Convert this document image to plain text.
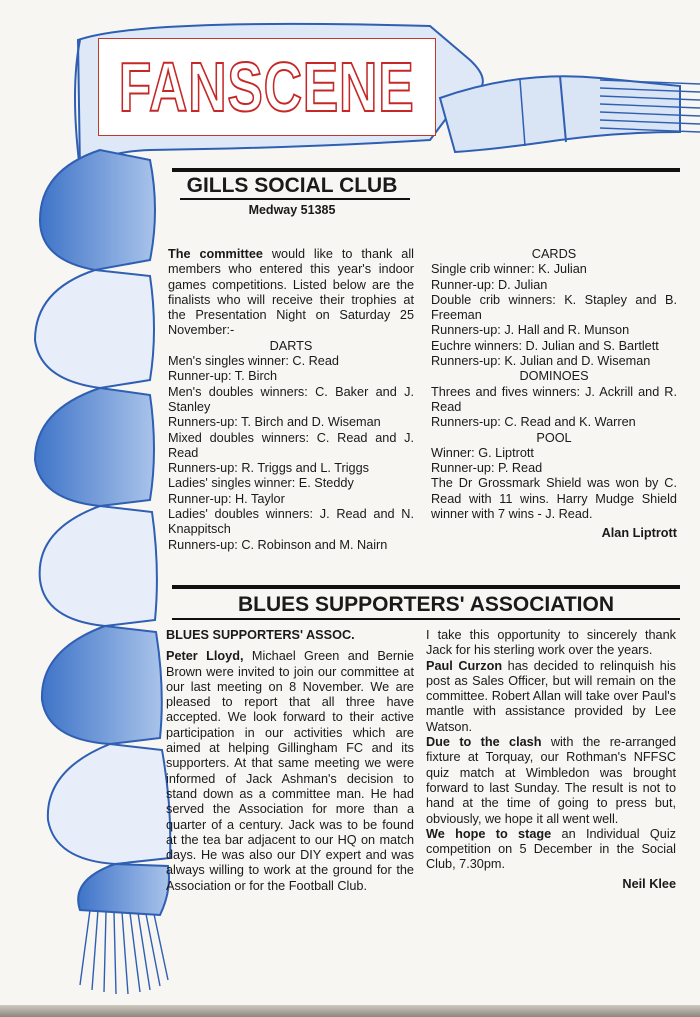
FANSCENE
GILLS SOCIAL CLUB
Medway 51385

The committee would like to thank all members who entered this year's indoor games competitions. Listed below are the finalists who will receive their trophies at the Presentation Night on Saturday 25 November:-

DARTS

Men's singles winner: C. Read

Runner-up: T. Birch

Men's doubles winners: C. Baker and J. Stanley

Runners-up: T. Birch and D. Wiseman

Mixed doubles winners: C. Read and J. Read

Runners-up: R. Triggs and L. Triggs

Ladies' singles winner: E. Steddy

Runner-up: H. Taylor

Ladies' doubles winners: J. Read and N. Knappitsch

Runners-up: C. Robinson and M. Nairn

CARDS

Single crib winner: K. Julian

Runner-up: D. Julian

Double crib winners: K. Stapley and B. Freeman

Runners-up: J. Hall and R. Munson

Euchre winners: D. Julian and S. Bartlett

Runners-up: K. Julian and D. Wiseman

DOMINOES

Threes and fives winners: J. Ackrill and R. Read

Runners-up: C. Read and K. Warren

POOL

Winner: G. Liptrott

Runner-up: P. Read

The Dr Grossmark Shield was won by C. Read with 11 wins. Harry Mudge Shield winner with 7 wins - J. Read.

Alan Liptrott

BLUES SUPPORTERS' ASSOCIATION

BLUES SUPPORTERS' ASSOC.

Peter Lloyd, Michael Green and Bernie Brown were invited to join our committee at our last meeting on 8 November. We are pleased to report that all three have accepted. We look forward to their active participation in our activities which are aimed at helping Gillingham FC and its supporters. At that same meeting we were informed of Jack Ashman's decision to stand down as a committee man. He had served the Association for more than a quarter of a century. Jack was to be found at the tea bar adjacent to our HQ on match days. He was also our DIY expert and was always willing to work at the ground for the Association or for the Football Club.

I take this opportunity to sincerely thank Jack for his sterling work over the years.

Paul Curzon has decided to relinquish his post as Sales Officer, but will remain on the committee. Robert Allan will take over Paul's mantle with assistance provided by Lee Watson.

Due to the clash with the re-arranged fixture at Torquay, our Rothman's NFFSC quiz match at Wimbledon was brought forward to last Sunday. The result is not to hand at the time of going to press but, obviously, we hope it all went well.

We hope to stage an Individual Quiz competition on 5 December in the Social Club, 7.30pm.

Neil Klee
